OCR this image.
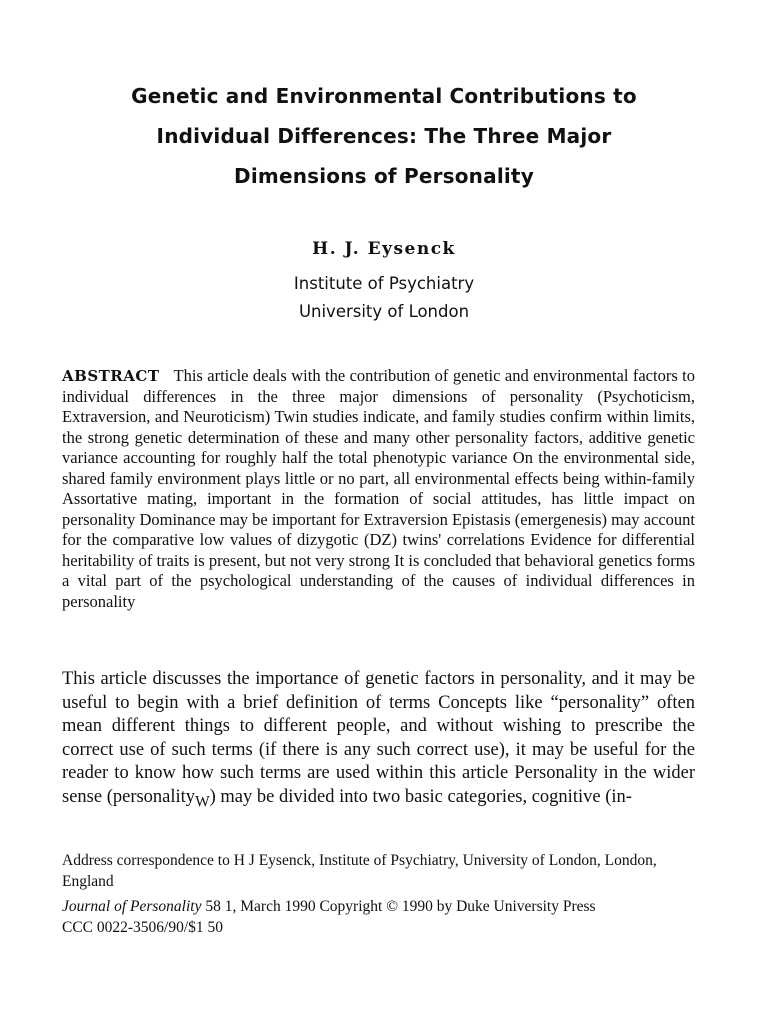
Genetic and Environmental Contributions to
Individual Differences: The Three Major
Dimensions of Personality

H. J. Eysenck

Institute of Psychiatry

University of London

ABSTRACT This article deals with the contribution of genetic and environmental factors to individual differences in the three major dimensions of personality (Psychoticism, Extraversion, and Neuroticism) Twin studies indicate, and family studies confirm within limits, the strong genetic determination of these and many other personality factors, additive genetic variance accounting for roughly half the total phenotypic variance On the environmental side, shared family environment plays little or no part, all environmental effects being within-family Assortative mating, important in the formation of social attitudes, has little impact on personality Dominance may be important for Extraversion Epistasis (emergenesis) may account for the comparative low values of dizygotic (DZ) twins' correlations Evidence for differential heritability of traits is present, but not very strong It is concluded that behavioral genetics forms a vital part of the psychological understanding of the causes of individual differences in personality

This article discusses the importance of genetic factors in personality, and it may be useful to begin with a brief definition of terms Concepts like “personality” often mean different things to different people, and without wishing to prescribe the correct use of such terms (if there is any such correct use), it may be useful for the reader to know how such terms are used within this article Personality in the wider sense (personality$_W$) may be divided into two basic categories, cognitive (in-

Address correspondence to H J Eysenck, Institute of Psychiatry, University of London, London, England

Journal of Personality 58 1, March 1990 Copyright © 1990 by Duke University Press

CCC 0022-3506/90/$1 50
